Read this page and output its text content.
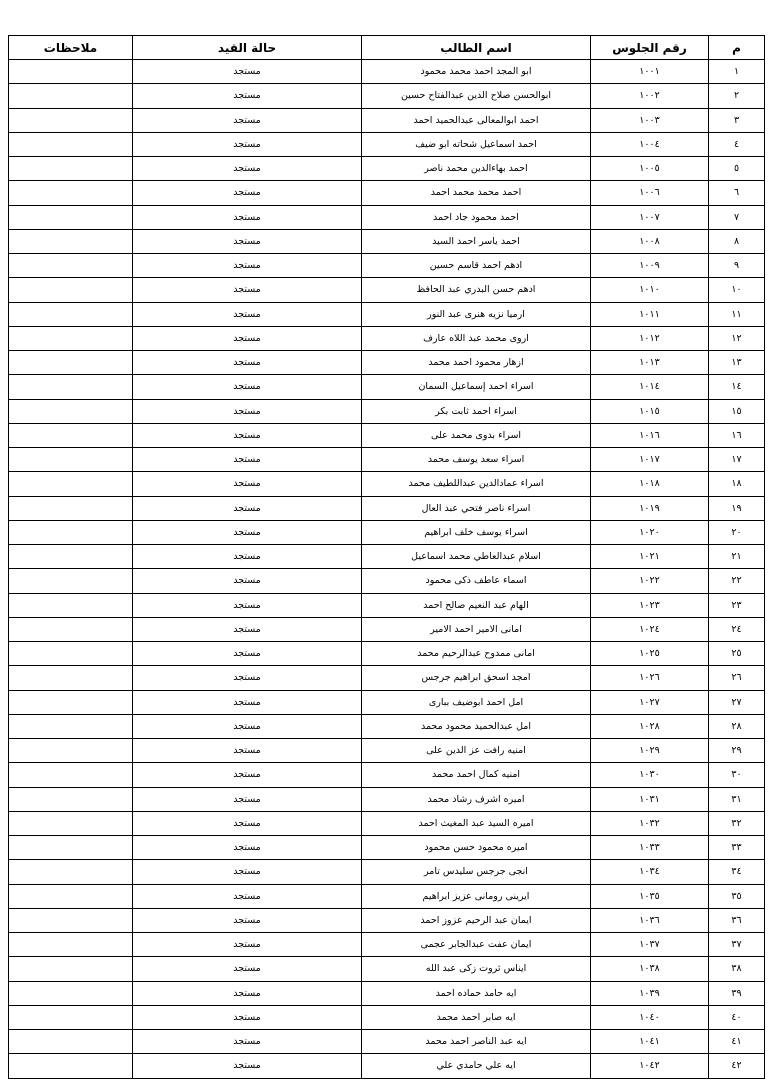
م	رقم الجلوس	اسم الطالب	حالة القيد	ملاحظات
١	١٠٠١	ابو المجد احمد محمد محمود	مستجد	
٢	١٠٠٢	ابوالحسن صلاح الدين عبدالفتاح حسين	مستجد	
٣	١٠٠٣	احمد ابوالمعالى عبدالحميد احمد	مستجد	
٤	١٠٠٤	احمد اسماعيل شحاته ابو ضيف	مستجد	
٥	١٠٠٥	احمد بهاءالدين محمد ناصر	مستجد	
٦	١٠٠٦	احمد محمد محمد احمد	مستجد	
٧	١٠٠٧	احمد محمود جاد احمد	مستجد	
٨	١٠٠٨	احمد ياسر احمد السيد	مستجد	
٩	١٠٠٩	ادهم احمد قاسم حسين	مستجد	
١٠	١٠١٠	ادهم حسن البدري عبد الحافظ	مستجد	
١١	١٠١١	ارميا نزيه هنرى عبد النور	مستجد	
١٢	١٠١٢	اروى محمد عبد اللاه عارف	مستجد	
١٣	١٠١٣	ازهار محمود احمد محمد	مستجد	
١٤	١٠١٤	اسراء احمد إسماعيل السمان	مستجد	
١٥	١٠١٥	اسراء احمد ثابت بكر	مستجد	
١٦	١٠١٦	اسراء بدوى محمد على	مستجد	
١٧	١٠١٧	اسراء سعد يوسف محمد	مستجد	
١٨	١٠١٨	اسراء عمادالدين عبداللطيف محمد	مستجد	
١٩	١٠١٩	اسراء ناصر فتحي عبد العال	مستجد	
٢٠	١٠٢٠	اسراء يوسف خلف ابراهيم	مستجد	
٢١	١٠٢١	اسلام عبدالعاطي محمد اسماعيل	مستجد	
٢٢	١٠٢٢	اسماء عاطف ذكى محمود	مستجد	
٢٣	١٠٢٣	الهام عبد النعيم صالح احمد	مستجد	
٢٤	١٠٢٤	امانى الامير احمد الامير	مستجد	
٢٥	١٠٢٥	امانى ممدوح عبدالرحيم محمد	مستجد	
٢٦	١٠٢٦	امجد اسحق ابراهيم جرجس	مستجد	
٢٧	١٠٢٧	امل احمد ابوضيف ببارى	مستجد	
٢٨	١٠٢٨	امل عبدالحميد محمود محمد	مستجد	
٢٩	١٠٢٩	امنيه رافت عز الدين على	مستجد	
٣٠	١٠٣٠	امنيه كمال احمد محمد	مستجد	
٣١	١٠٣١	اميره اشرف رشاد محمد	مستجد	
٣٢	١٠٣٢	اميره السيد عبد المغيث احمد	مستجد	
٣٣	١٠٣٣	اميره محمود حسن محمود	مستجد	
٣٤	١٠٣٤	انجى جرجس سليدس تامر	مستجد	
٣٥	١٠٣٥	ايرينى رومانى عزيز ابراهيم	مستجد	
٣٦	١٠٣٦	ايمان عبد الرحيم عزوز احمد	مستجد	
٣٧	١٠٣٧	ايمان عفت عبدالجابر عجمى	مستجد	
٣٨	١٠٣٨	ايناس ثروت زكى عبد الله	مستجد	
٣٩	١٠٣٩	ايه حامد حماده احمد	مستجد	
٤٠	١٠٤٠	ايه صابر احمد محمد	مستجد	
٤١	١٠٤١	ايه عبد الناصر احمد محمد	مستجد	
٤٢	١٠٤٢	ايه علي حامدي علي	مستجد	
